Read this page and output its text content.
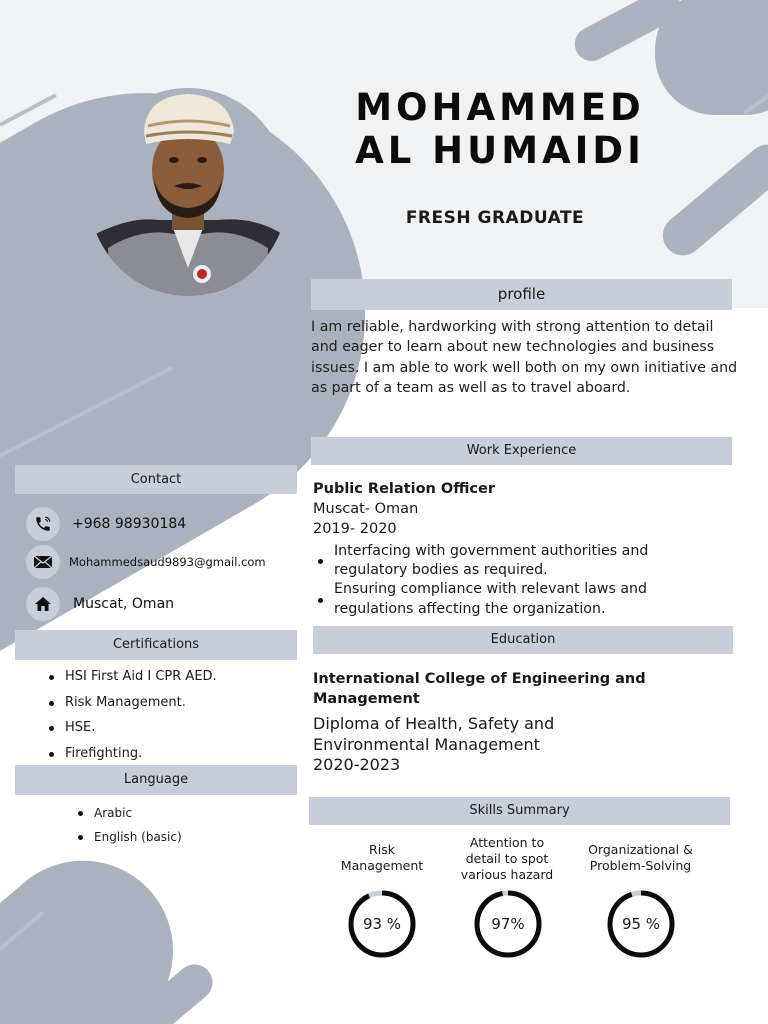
MOHAMMED
AL HUMAIDI
FRESH GRADUATE
profile
I am reliable, hardworking with strong attention to detail and eager to learn about new technologies and business issues. I am able to work well both on my own initiative and as part of a team as well as to travel aboard.
Contact
+968 98930184
Mohammedsaud9893@gmail.com
Muscat, Oman
Certifications
HSI First Aid I CPR AED.
Risk Management.
HSE.
Firefighting.
Language
Arabic
English (basic)
Work Experience
Public Relation Officer
Muscat- Oman
2019- 2020
Interfacing with government authorities and regulatory bodies as required.
Ensuring compliance with relevant laws and regulations affecting the organization.
Education
International College of Engineering and Management
Diploma of Health, Safety and Environmental Management
2020-2023
Skills Summary
Risk Management
Attention to detail to spot various hazard
Organizational & Problem-Solving
93 %	97%	95 %
